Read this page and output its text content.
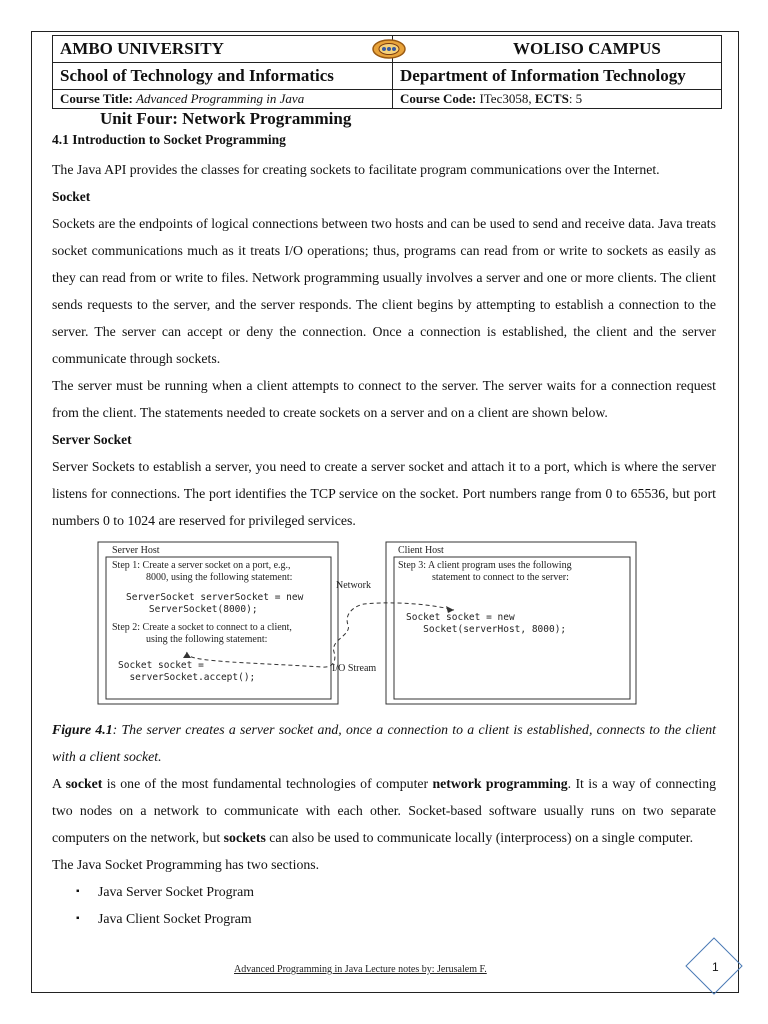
AMBO UNIVERSITY	WOLISO CAMPUS
School of Technology and Informatics	Department of Information Technology
Course Title: Advanced Programming in Java	Course Code: ITec3058, ECTS: 5
Unit Four: Network Programming
4.1 Introduction to Socket Programming

The Java API provides the classes for creating sockets to facilitate program communications over the Internet.

Socket

Sockets are the endpoints of logical connections between two hosts and can be used to send and receive data. Java treats socket communications much as it treats I/O operations; thus, programs can read from or write to sockets as easily as they can read from or write to files. Network programming usually involves a server and one or more clients. The client sends requests to the server, and the server responds. The client begins by attempting to establish a connection to the server. The server can accept or deny the connection. Once a connection is established, the client and the server communicate through sockets.

The server must be running when a client attempts to connect to the server. The server waits for a connection request from the client. The statements needed to create sockets on a server and on a client are shown below.

Server Socket

Server Sockets to establish a server, you need to create a server socket and attach it to a port, which is where the server listens for connections. The port identifies the TCP service on the socket. Port numbers range from 0 to 65536, but port numbers 0 to 1024 are reserved for privileged services.

Server Host	Client Host
Step 1: Create a server socket on a port, e.g.,
8000, using the following statement:
ServerSocket serverSocket = new
ServerSocket(8000);
Step 2: Create a socket to connect to a client,
using the following statement:
Socket socket =
serverSocket.accept();
Step 3: A client program uses the following
statement to connect to the server:
Socket socket = new
Socket(serverHost, 8000);
Network
I/O Stream
Figure 4.1: The server creates a server socket and, once a connection to a client is established, connects to the client with a client socket.

A socket is one of the most fundamental technologies of computer network programming. It is a way of connecting two nodes on a network to communicate with each other. Socket-based software usually runs on two separate computers on the network, but sockets can also be used to communicate locally (interprocess) on a single computer.

The Java Socket Programming has two sections.

▪ Java Server Socket Program
▪ Java Client Socket Program
Advanced Programming in Java Lecture notes by: Jerusalem F.	1
